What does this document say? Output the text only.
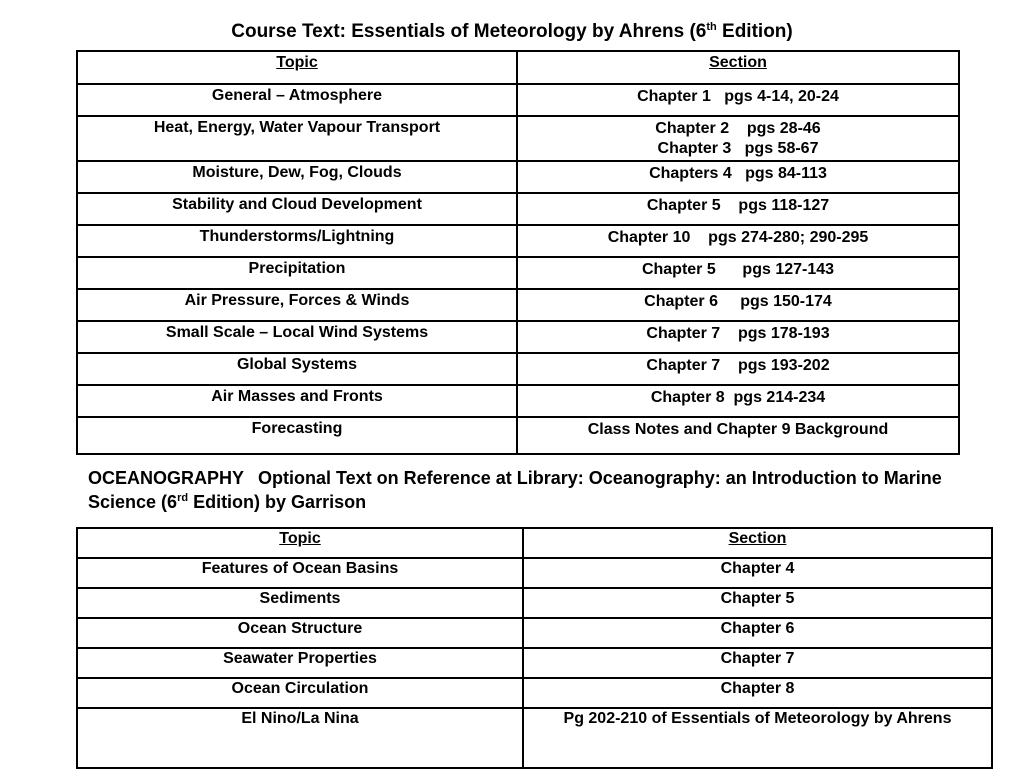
Course Text: Essentials of Meteorology by Ahrens (6th Edition)
Topic	Section
General – Atmosphere	Chapter 1   pgs 4-14, 20-24

Heat, Energy, Water Vapour Transport	Chapter 2    pgs 28-46
Chapter 3   pgs 58-67

Moisture, Dew, Fog, Clouds	Chapters 4   pgs 84-113

Stability and Cloud Development	Chapter 5    pgs 118-127

Thunderstorms/Lightning	Chapter 10    pgs 274-280; 290-295

Precipitation	Chapter 5      pgs 127-143

Air Pressure, Forces & Winds	Chapter 6     pgs 150-174

Small Scale – Local Wind Systems	Chapter 7    pgs 178-193

Global Systems	Chapter 7    pgs 193-202

Air Masses and Fronts	Chapter 8  pgs 214-234

Forecasting	Class Notes and Chapter 9 Background
OCEANOGRAPHY Optional Text on Reference at Library: Oceanography: an Introduction to Marine Science (6rd Edition) by Garrison
Topic	Section
Features of Ocean Basins	Chapter 4
Sediments	Chapter 5
Ocean Structure	Chapter 6
Seawater Properties	Chapter 7
Ocean Circulation	Chapter 8
El Nino/La Nina	Pg 202-210 of Essentials of Meteorology by Ahrens
